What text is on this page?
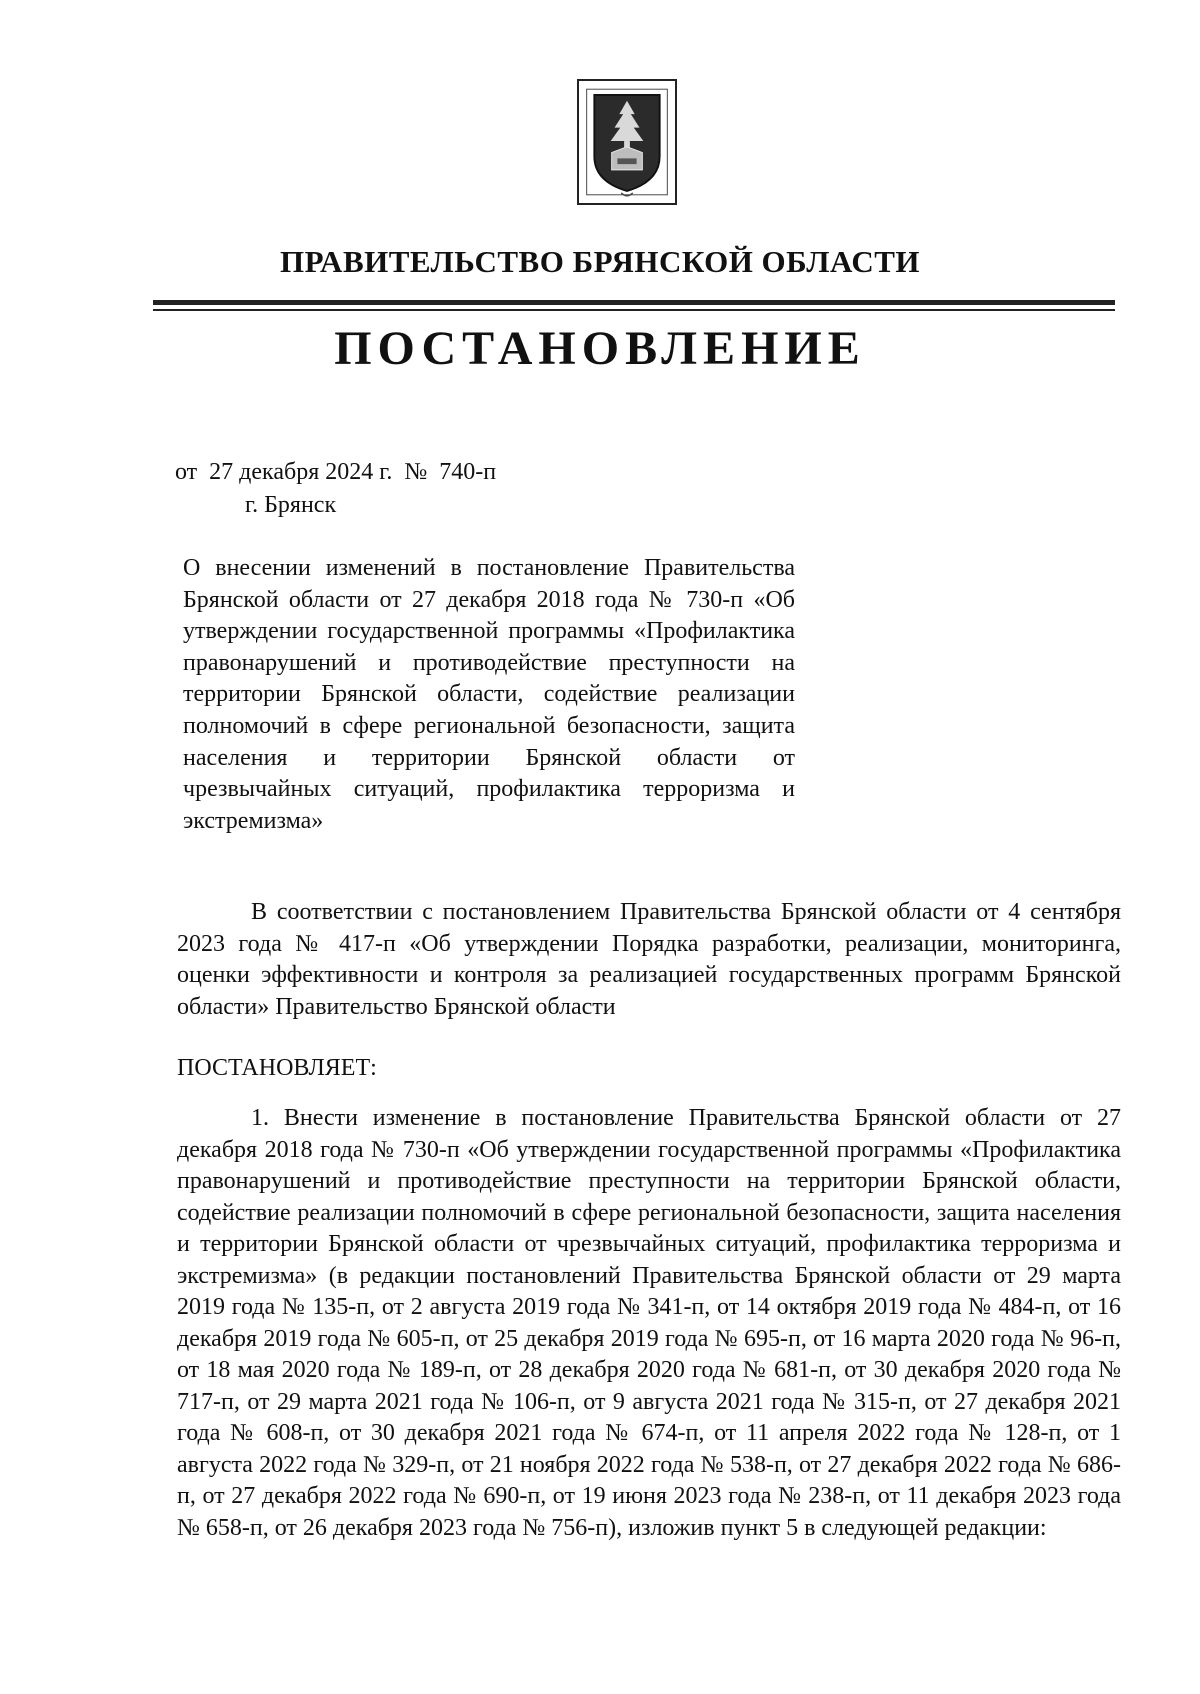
ПРАВИТЕЛЬСТВО БРЯНСКОЙ ОБЛАСТИ
ПОСТАНОВЛЕНИЕ
от  27 декабря 2024 г.  №  740-п
г. Брянск
О внесении изменений в постановление Правительства Брянской области от 27 декабря 2018 года № 730-п «Об утверждении государственной программы «Профилактика правонарушений и противодействие преступности на территории Брянской области, содействие реализации полномочий в сфере региональной безопасности, защита населения и территории Брянской области от чрезвычайных ситуаций, профилактика терроризма и экстремизма»
В соответствии с постановлением Правительства Брянской области от 4 сентября 2023 года № 417-п «Об утверждении Порядка разработки, реализации, мониторинга, оценки эффективности и контроля за реализацией государственных программ Брянской области» Правительство Брянской области
ПОСТАНОВЛЯЕТ:
1. Внести изменение в постановление Правительства Брянской области от 27 декабря 2018 года № 730-п «Об утверждении государственной программы «Профилактика правонарушений и противодействие преступности на территории Брянской области, содействие реализации полномочий в сфере региональной безопасности, защита населения и территории Брянской области от чрезвычайных ситуаций, профилактика терроризма и экстремизма» (в редакции постановлений Правительства Брянской области от 29 марта 2019 года № 135-п, от 2 августа 2019 года № 341-п, от 14 октября 2019 года № 484-п, от 16 декабря 2019 года № 605-п, от 25 декабря 2019 года № 695-п, от 16 марта 2020 года № 96-п, от 18 мая 2020 года № 189-п, от 28 декабря 2020 года № 681-п, от 30 декабря 2020 года № 717-п, от 29 марта 2021 года № 106-п, от 9 августа 2021 года № 315-п, от 27 декабря 2021 года № 608-п, от 30 декабря 2021 года № 674-п, от 11 апреля 2022 года № 128-п, от 1 августа 2022 года № 329-п, от 21 ноября 2022 года № 538-п, от 27 декабря 2022 года № 686-п, от 27 декабря 2022 года № 690-п, от 19 июня 2023 года № 238-п, от 11 декабря 2023 года № 658-п, от 26 декабря 2023 года № 756-п), изложив пункт 5 в следующей редакции:
